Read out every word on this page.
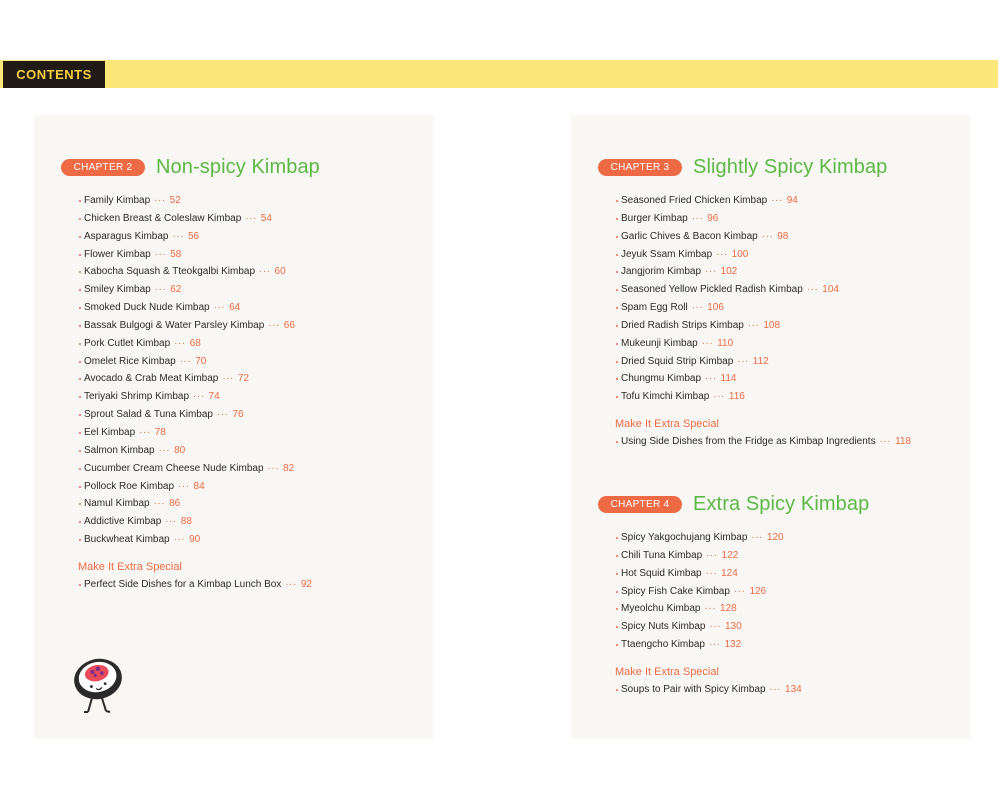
CONTENTS
CHAPTER 2	Non-spicy Kimbap
Family Kimbap ··· 52
Chicken Breast & Coleslaw Kimbap ··· 54
Asparagus Kimbap ··· 56
Flower Kimbap ··· 58
Kabocha Squash & Tteokgalbi Kimbap ··· 60
Smiley Kimbap ··· 62
Smoked Duck Nude Kimbap ··· 64
Bassak Bulgogi & Water Parsley Kimbap ··· 66
Pork Cutlet Kimbap ··· 68
Omelet Rice Kimbap ··· 70
Avocado & Crab Meat Kimbap ··· 72
Teriyaki Shrimp Kimbap ··· 74
Sprout Salad & Tuna Kimbap ··· 76
Eel Kimbap ··· 78
Salmon Kimbap ··· 80
Cucumber Cream Cheese Nude Kimbap ··· 82
Pollock Roe Kimbap ··· 84
Namul Kimbap ··· 86
Addictive Kimbap ··· 88
Buckwheat Kimbap ··· 90
Make It Extra Special
Perfect Side Dishes for a Kimbap Lunch Box ··· 92
CHAPTER 3	Slightly Spicy Kimbap
Seasoned Fried Chicken Kimbap ··· 94
Burger Kimbap ··· 96
Garlic Chives & Bacon Kimbap ··· 98
Jeyuk Ssam Kimbap ··· 100
Jangjorim Kimbap ··· 102
Seasoned Yellow Pickled Radish Kimbap ··· 104
Spam Egg Roll ··· 106
Dried Radish Strips Kimbap ··· 108
Mukeunji Kimbap ··· 110
Dried Squid Strip Kimbap ··· 112
Chungmu Kimbap ··· 114
Tofu Kimchi Kimbap ··· 116
Make It Extra Special
Using Side Dishes from the Fridge as Kimbap Ingredients ··· 118
CHAPTER 4	Extra Spicy Kimbap
Spicy Yakgochujang Kimbap ··· 120
Chili Tuna Kimbap ··· 122
Hot Squid Kimbap ··· 124
Spicy Fish Cake Kimbap ··· 126
Myeolchu Kimbap ··· 128
Spicy Nuts Kimbap ··· 130
Ttaengcho Kimbap ··· 132
Make It Extra Special
Soups to Pair with Spicy Kimbap ··· 134
